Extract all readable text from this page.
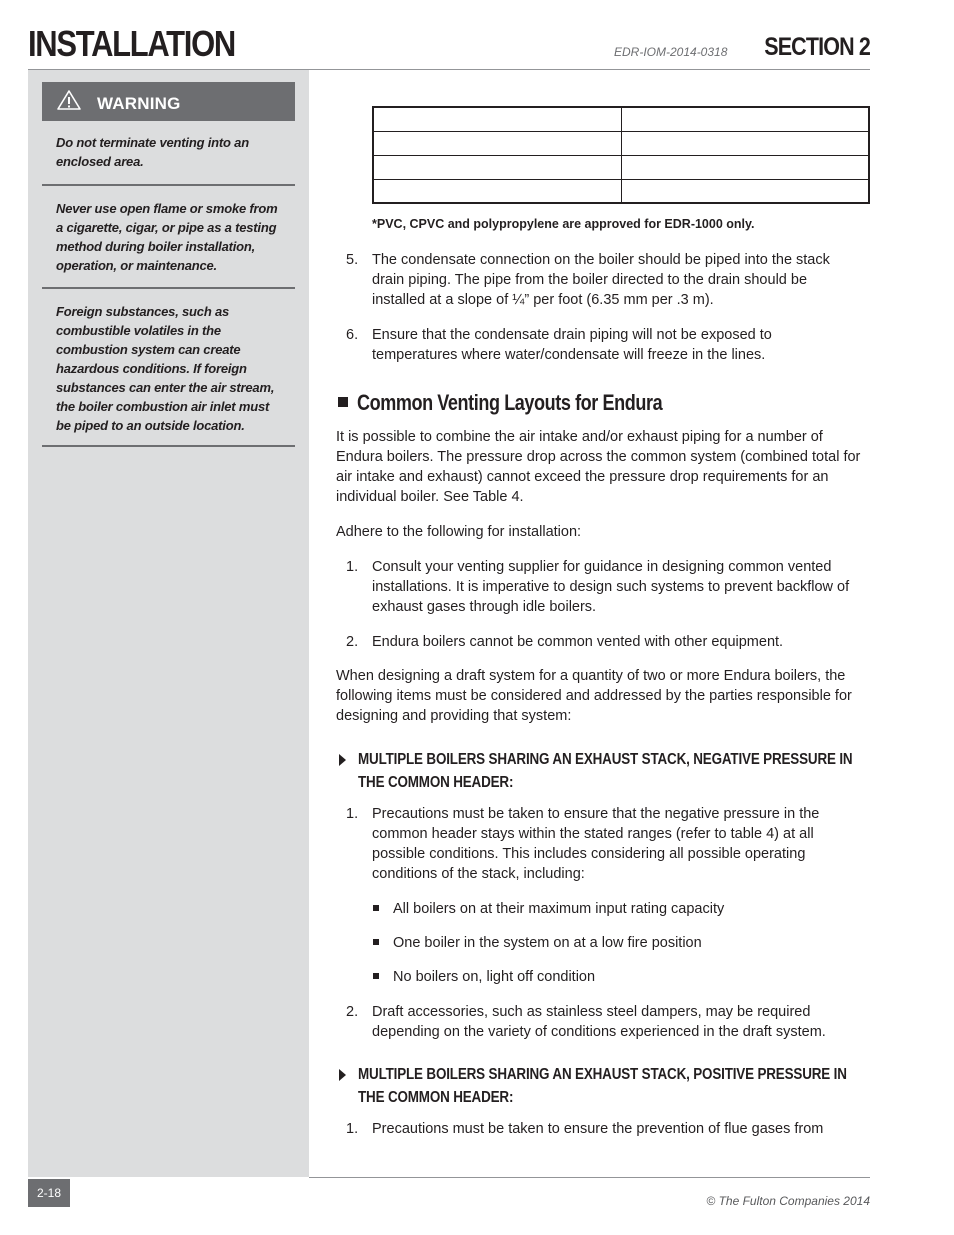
INSTALLATION	EDR-IOM-2014-0318 SECTION 2
WARNING
Do not terminate venting into an enclosed area.
Never use open flame or smoke from a cigarette, cigar, or pipe as a testing method during boiler installation, operation, or maintenance.
Foreign substances, such as combustible volatiles in the combustion system can create hazardous conditions. If foreign substances can enter the air stream, the boiler combustion air inlet must be piped to an outside location.

*PVC, CPVC and polypropylene are approved for EDR-1000 only.
5. The condensate connection on the boiler should be piped into the stack drain piping. The pipe from the boiler directed to the drain should be installed at a slope of ¼” per foot (6.35 mm per .3 m).
6. Ensure that the condensate drain piping will not be exposed to temperatures where water/condensate will freeze in the lines.
Common Venting Layouts for Endura
It is possible to combine the air intake and/or exhaust piping for a number of Endura boilers. The pressure drop across the common system (combined total for air intake and exhaust) cannot exceed the pressure drop requirements for an individual boiler. See Table 4.
Adhere to the following for installation:
1. Consult your venting supplier for guidance in designing common vented installations. It is imperative to design such systems to prevent backflow of exhaust gases through idle boilers.
2. Endura boilers cannot be common vented with other equipment.
When designing a draft system for a quantity of two or more Endura boilers, the following items must be considered and addressed by the parties responsible for designing and providing that system:
MULTIPLE BOILERS SHARING AN EXHAUST STACK, NEGATIVE PRESSURE IN THE COMMON HEADER:
1. Precautions must be taken to ensure that the negative pressure in the common header stays within the stated ranges (refer to table 4) at all possible conditions. This includes considering all possible operating conditions of the stack, including:
All boilers on at their maximum input rating capacity
One boiler in the system on at a low fire position
No boilers on, light off condition
2. Draft accessories, such as stainless steel dampers, may be required depending on the variety of conditions experienced in the draft system.
MULTIPLE BOILERS SHARING AN EXHAUST STACK, POSITIVE PRESSURE IN THE COMMON HEADER:
1. Precautions must be taken to ensure the prevention of flue gases from
2-18
© The Fulton Companies 2014
